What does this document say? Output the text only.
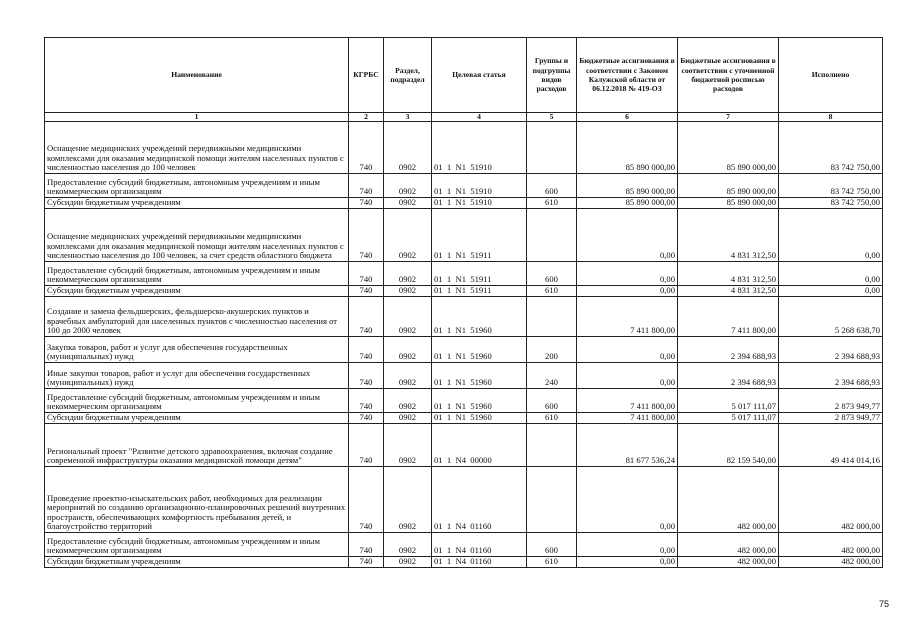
Наименование	КГРБС	Раздел, подраздел	Целевая статья	Группы и подгруппы видов расходов	Бюджетные ассигнования в соответствии с Законом Калужской области от 06.12.2018 № 419-ОЗ	Бюджетные ассигнования в соответствии с уточненной бюджетной росписью расходов	Исполнено
1	2	3	4	5	6	7	8
Оснащение медицинских учреждений передвижными медицинскими комплексами для оказания медицинской помощи жителям населенных пунктов с численностью населения до 100 человек	740	0902	01  1  N1  51910		85 890 000,00	85 890 000,00	83 742 750,00
Предоставление субсидий бюджетным, автономным учреждениям и иным некоммерческим организациям	740	0902	01  1  N1  51910	600	85 890 000,00	85 890 000,00	83 742 750,00
Субсидии бюджетным учреждениям	740	0902	01  1  N1  51910	610	85 890 000,00	85 890 000,00	83 742 750,00
Оснащение медицинских учреждений передвижными медицинскими комплексами для оказания медицинской помощи жителям населенных пунктов с численностью населения до 100 человек, за счет средств областного бюджета	740	0902	01  1  N1  51911		0,00	4 831 312,50	0,00
Предоставление субсидий бюджетным, автономным учреждениям и иным некоммерческим организациям	740	0902	01  1  N1  51911	600	0,00	4 831 312,50	0,00
Субсидии бюджетным учреждениям	740	0902	01  1  N1  51911	610	0,00	4 831 312,50	0,00
Создание и замена фельдшерских, фельдшерско-акушерских пунктов и врачебных амбулаторий для населенных пунктов с численностью населения от 100 до 2000 человек	740	0902	01  1  N1  51960		7 411 800,00	7 411 800,00	5 268 638,70
Закупка товаров, работ и услуг для обеспечения государственных (муниципальных) нужд	740	0902	01  1  N1  51960	200	0,00	2 394 688,93	2 394 688,93
Иные закупки товаров, работ и услуг для обеспечения государственных (муниципальных) нужд	740	0902	01  1  N1  51960	240	0,00	2 394 688,93	2 394 688,93
Предоставление субсидий бюджетным, автономным учреждениям и иным некоммерческим организациям	740	0902	01  1  N1  51960	600	7 411 800,00	5 017 111,07	2 873 949,77
Субсидии бюджетным учреждениям	740	0902	01  1  N1  51960	610	7 411 800,00	5 017 111,07	2 873 949,77
Региональный проект "Развитие детского здравоохранения, включая создание современной инфраструктуры оказания медицинской помощи детям"	740	0902	01  1  N4  00000		81 677 536,24	82 159 540,00	49 414 014,16
Проведение проектно-изыскательских работ, необходимых для реализации мероприятий по созданию организационно-планировочных решений внутренних пространств, обеспечивающих комфортность пребывания детей, и благоустройство территорий	740	0902	01  1  N4  01160		0,00	482 000,00	482 000,00
Предоставление субсидий бюджетным, автономным учреждениям и иным некоммерческим организациям	740	0902	01  1  N4  01160	600	0,00	482 000,00	482 000,00
Субсидии бюджетным учреждениям	740	0902	01  1  N4  01160	610	0,00	482 000,00	482 000,00
75
